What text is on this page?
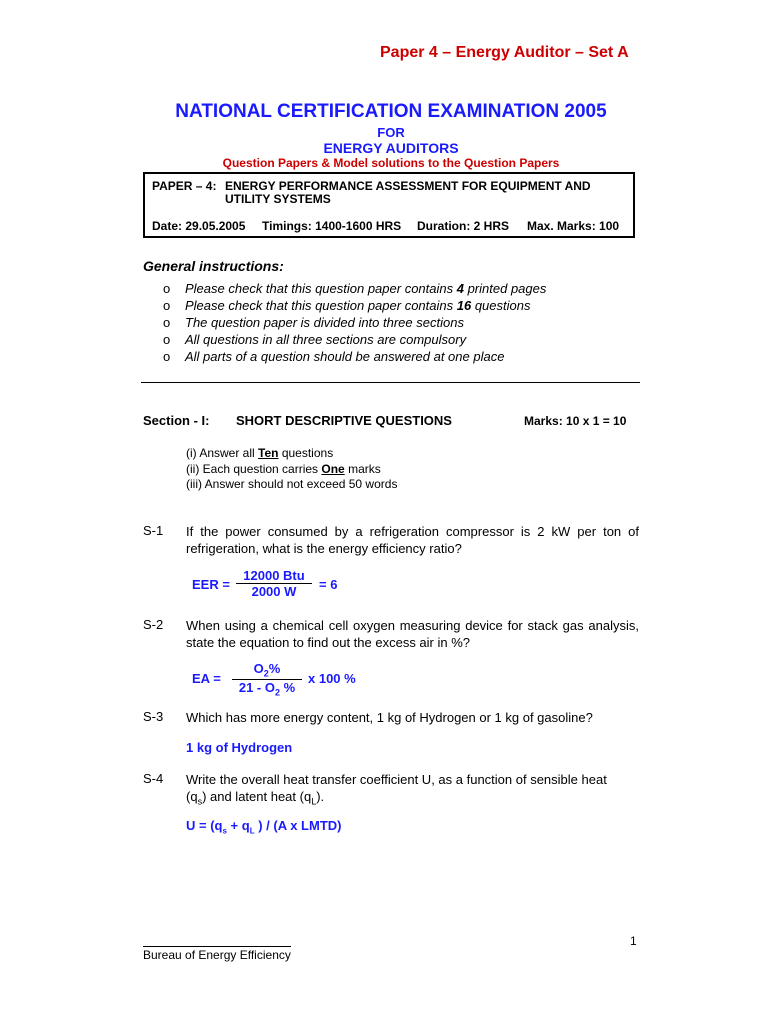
Paper 4 – Energy Auditor – Set A
NATIONAL CERTIFICATION EXAMINATION 2005
FOR
ENERGY AUDITORS
Question Papers & Model solutions to the Question Papers
PAPER – 4: ENERGY PERFORMANCE ASSESSMENT FOR EQUIPMENT AND
UTILITY SYSTEMS
Date: 29.05.2005 Timings: 1400-1600 HRS Duration: 2 HRS Max. Marks: 100
General instructions:
o Please check that this question paper contains 4 printed pages
o Please check that this question paper contains 16 questions
o The question paper is divided into three sections
o All questions in all three sections are compulsory
o All parts of a question should be answered at one place
Section - I: SHORT DESCRIPTIVE QUESTIONS	Marks: 10 x 1 = 10
(i) Answer all Ten questions
(ii) Each question carries One marks
(iii) Answer should not exceed 50 words
S-1 If the power consumed by a refrigeration compressor is 2 kW per ton of refrigeration, what is the energy efficiency ratio?
EER =
12000 Btu
2000 W	= 6
S-2 When using a chemical cell oxygen measuring device for stack gas analysis, state the equation to find out the excess air in %?
EA = $\frac{O_2\%}{21 - O_2 \%}$ x 100 %
S-3 Which has more energy content, 1 kg of Hydrogen or 1 kg of gasoline?
1 kg of Hydrogen
S-4 Write the overall heat transfer coefficient U, as a function of sensible heat
$(q_s)$ and latent heat $(q_L)$.
$U = (q_s + q_L$ ) / (A x LMTD)
1
Bureau of Energy Efficiency
